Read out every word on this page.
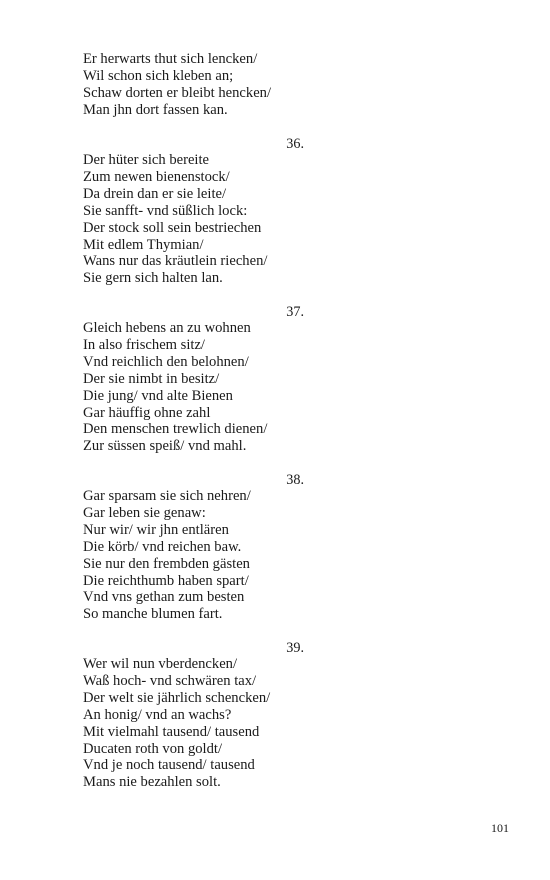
Er herwarts thut sich lencken/
Wil schon sich kleben an;
Schaw dorten er bleibt hencken/
Man jhn dort fassen kan.
36.
Der hüter sich bereite
Zum newen bienenstock/
Da drein dan er sie leite/
Sie sanfft- vnd süßlich lock:
Der stock soll sein bestriechen
Mit edlem Thymian/
Wans nur das kräutlein riechen/
Sie gern sich halten lan.
37.
Gleich hebens an zu wohnen
In also frischem sitz/
Vnd reichlich den belohnen/
Der sie nimbt in besitz/
Die jung/ vnd alte Bienen
Gar häuffig ohne zahl
Den menschen trewlich dienen/
Zur süssen speiß/ vnd mahl.
38.
Gar sparsam sie sich nehren/
Gar leben sie genaw:
Nur wir/ wir jhn entlären
Die körb/ vnd reichen baw.
Sie nur den frembden gästen
Die reichthumb haben spart/
Vnd vns gethan zum besten
So manche blumen fart.
39.
Wer wil nun vberdencken/
Waß hoch- vnd schwären tax/
Der welt sie jährlich schencken/
An honig/ vnd an wachs?
Mit vielmahl tausend/ tausend
Ducaten roth von goldt/
Vnd je noch tausend/ tausend
Mans nie bezahlen solt.
101
